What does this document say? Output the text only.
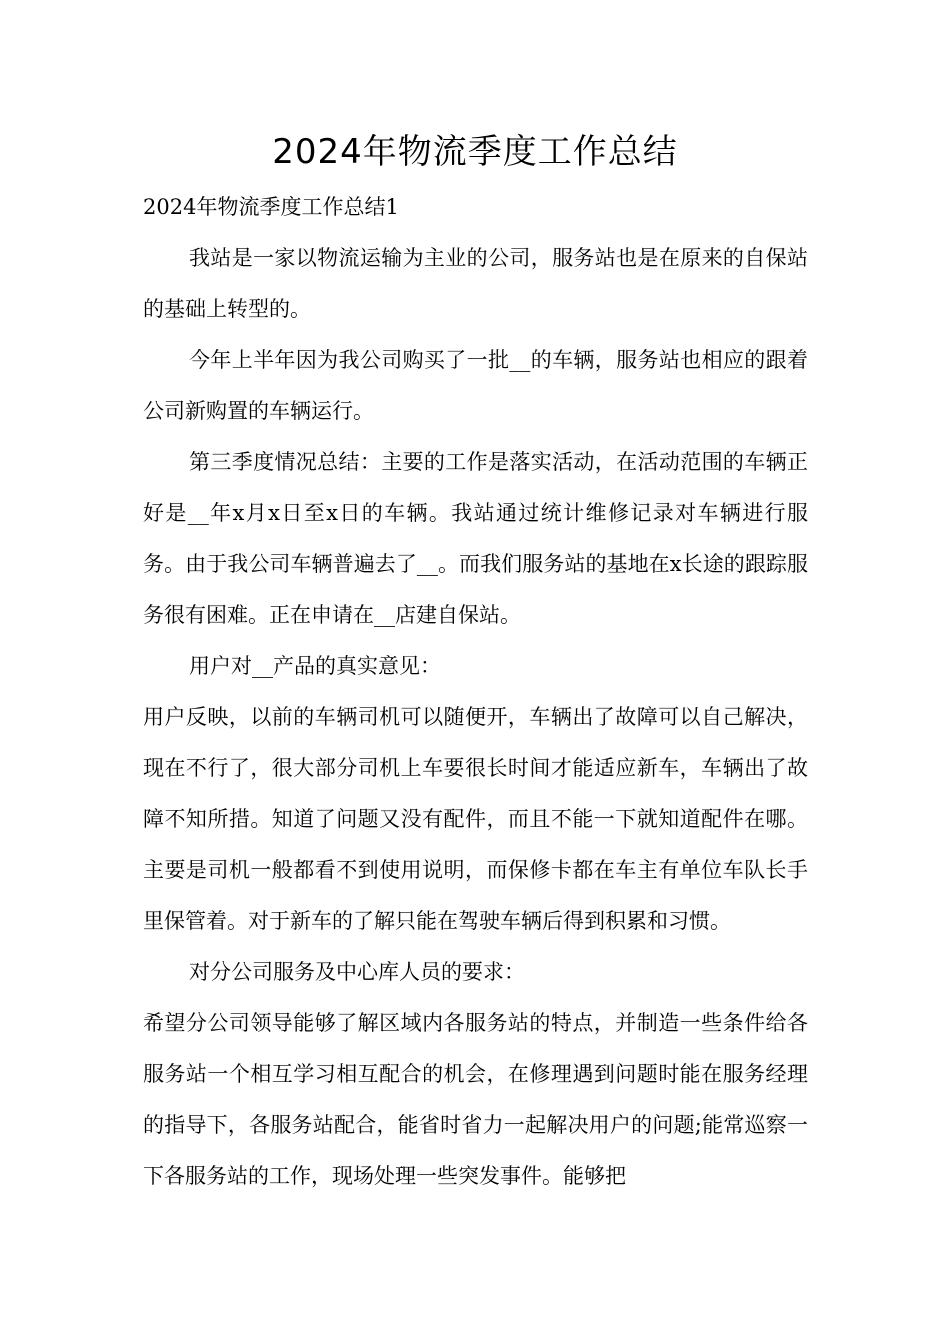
2024年物流季度工作总结

2024年物流季度工作总结1

我站是一家以物流运输为主业的公司，服务站也是在原来的自保站的基础上转型的。

今年上半年因为我公司购买了一批__的车辆，服务站也相应的跟着公司新购置的车辆运行。

第三季度情况总结：主要的工作是落实活动，在活动范围的车辆正好是__年x月x日至x日的车辆。我站通过统计维修记录对车辆进行服务。由于我公司车辆普遍去了__。而我们服务站的基地在x长途的跟踪服务很有困难。正在申请在__店建自保站。

用户对__产品的真实意见：

用户反映，以前的车辆司机可以随便开，车辆出了故障可以自己解决，现在不行了，很大部分司机上车要很长时间才能适应新车，车辆出了故障不知所措。知道了问题又没有配件，而且不能一下就知道配件在哪。主要是司机一般都看不到使用说明，而保修卡都在车主有单位车队长手里保管着。对于新车的了解只能在驾驶车辆后得到积累和习惯。

对分公司服务及中心库人员的要求：

希望分公司领导能够了解区域内各服务站的特点，并制造一些条件给各服务站一个相互学习相互配合的机会，在修理遇到问题时能在服务经理的指导下，各服务站配合，能省时省力一起解决用户的问题;能常巡察一下各服务站的工作，现场处理一些突发事件。能够把
